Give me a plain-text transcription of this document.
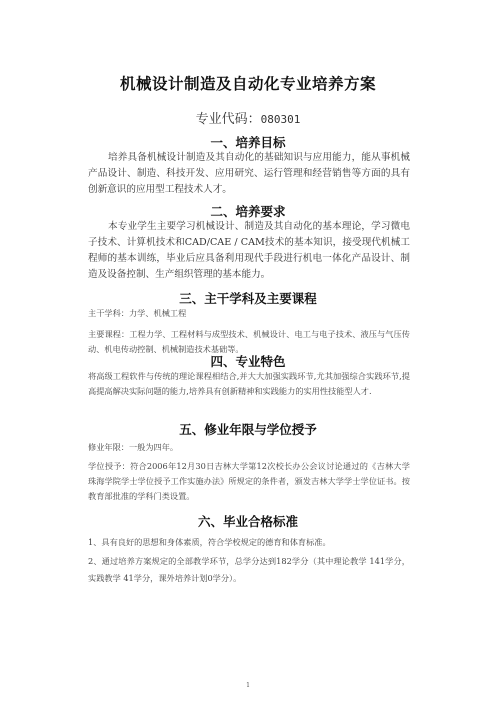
机械设计制造及自动化专业培养方案
专业代码：080301
一、培养目标

培养具备机械设计制造及其自动化的基础知识与应用能力，能从事机械产品设计、制造、科技开发、应用研究、运行管理和经营销售等方面的具有创新意识的应用型工程技术人才。

二、培养要求

本专业学生主要学习机械设计、制造及其自动化的基本理论，学习微电子技术、计算机技术和CAD/CAE / CAM技术的基本知识，接受现代机械工程师的基本训练，毕业后应具备利用现代手段进行机电一体化产品设计、制造及设备控制、生产组织管理的基本能力。

三、主干学科及主要课程

主干学科：力学、机械工程

主要课程：工程力学、工程材料与成型技术、机械设计、电工与电子技术、液压与气压传动、机电传动控制、机械制造技术基础等。

四、专业特色

将高级工程软件与传统的理论课程相结合,并大大加强实践环节,尤其加强综合实践环节,提高提高解决实际问题的能力,培养具有创新精神和实践能力的实用性技能型人才.

五、修业年限与学位授予

修业年限：一般为四年。

学位授予：符合2006年12月30日吉林大学第12次校长办公会议讨论通过的《吉林大学珠海学院学士学位授予工作实施办法》所规定的条件者，颁发吉林大学学士学位证书。按教育部批准的学科门类设置。

六、毕业合格标准

1、具有良好的思想和身体素质，符合学校规定的德育和体育标准。

2、通过培养方案规定的全部教学环节，总学分达到182学分（其中理论教学 141学分，实践教学 41学分，课外培养计划0学分）。

1
